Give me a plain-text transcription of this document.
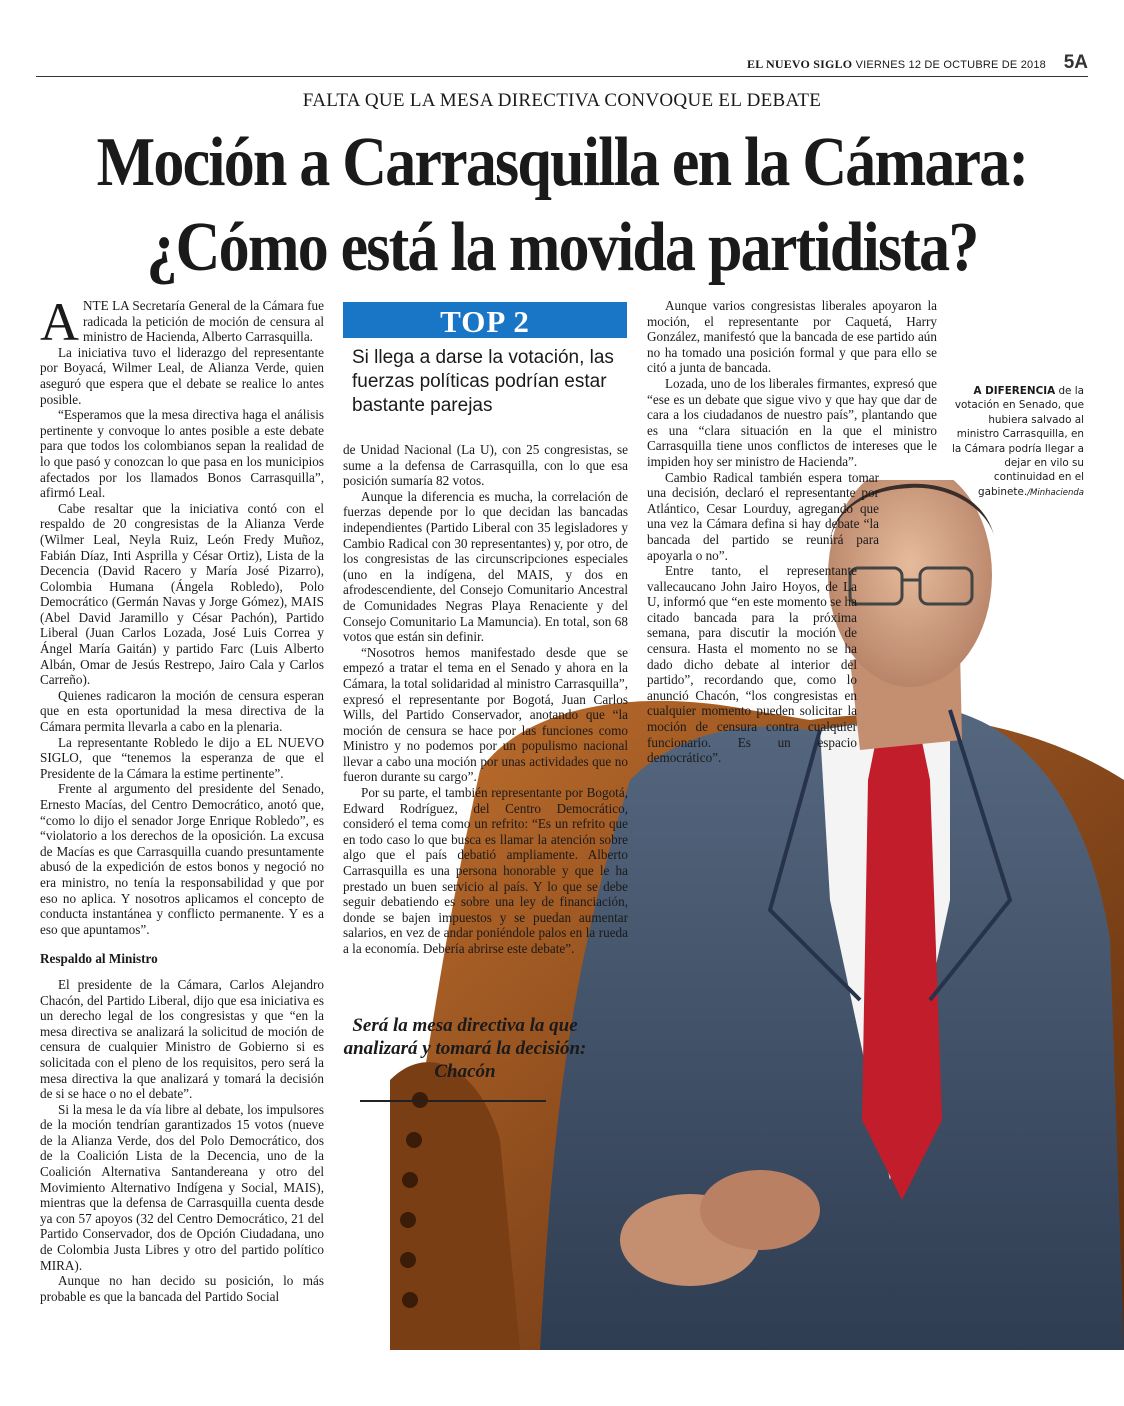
EL NUEVO SIGLO VIERNES 12 DE OCTUBRE DE 2018 5A
FALTA QUE LA MESA DIRECTIVA CONVOQUE EL DEBATE
Moción a Carrasquilla en la Cámara:
¿Cómo está la movida partidista?
TOP 2
Si llega a darse la votación, las fuerzas políticas podrían estar bastante parejas

ANTE LA Secretaría General de la Cámara fue radicada la petición de moción de censura al ministro de Hacienda, Alberto Carrasquilla.

La iniciativa tuvo el liderazgo del representante por Boyacá, Wilmer Leal, de Alianza Verde, quien aseguró que espera que el debate se realice lo antes posible.

“Esperamos que la mesa directiva haga el análisis pertinente y convoque lo antes posible a este debate para que todos los colombianos sepan la realidad de lo que pasó y conozcan lo que pasa en los municipios afectados por los llamados Bonos Carrasquilla”, afirmó Leal.

Cabe resaltar que la iniciativa contó con el respaldo de 20 congresistas de la Alianza Verde (Wilmer Leal, Neyla Ruiz, León Fredy Muñoz, Fabián Díaz, Inti Asprilla y César Ortiz), Lista de la Decencia (David Racero y María José Pizarro), Colombia Humana (Ángela Robledo), Polo Democrático (Germán Navas y Jorge Gómez), MAIS (Abel David Jaramillo y César Pachón), Partido Liberal (Juan Carlos Lozada, José Luis Correa y Ángel María Gaitán) y partido Farc (Luis Alberto Albán, Omar de Jesús Restrepo, Jairo Cala y Carlos Carreño).

Quienes radicaron la moción de censura esperan que en esta oportunidad la mesa directiva de la Cámara permita llevarla a cabo en la plenaria.

La representante Robledo le dijo a EL NUEVO SIGLO, que “tenemos la esperanza de que el Presidente de la Cámara la estime pertinente”.

Frente al argumento del presidente del Senado, Ernesto Macías, del Centro Democrático, anotó que, “como lo dijo el senador Jorge Enrique Robledo”, es “violatorio a los derechos de la oposición. La excusa de Macías es que Carrasquilla cuando presuntamente abusó de la expedición de estos bonos y negoció no era ministro, no tenía la responsabilidad y que por eso no aplica. Y nosotros aplicamos el concepto de conducta instantánea y conflicto permanente. Y es a eso que apuntamos”.

Respaldo al Ministro

El presidente de la Cámara, Carlos Alejandro Chacón, del Partido Liberal, dijo que esa iniciativa es un derecho legal de los congresistas y que “en la mesa directiva se analizará la solicitud de moción de censura de cualquier Ministro de Gobierno si es solicitada con el pleno de los requisitos, pero será la mesa directiva la que analizará y tomará la decisión de si se hace o no el debate”.

Si la mesa le da vía libre al debate, los impulsores de la moción tendrían garantizados 15 votos (nueve de la Alianza Verde, dos del Polo Democrático, dos de la Coalición Lista de la Decencia, uno de la Coalición Alternativa Santandereana y otro del Movimiento Alternativo Indígena y Social, MAIS), mientras que la defensa de Carrasquilla cuenta desde ya con 57 apoyos (32 del Centro Democrático, 21 del Partido Conservador, dos de Opción Ciudadana, uno de Colombia Justa Libres y otro del partido político MIRA).

Aunque no han decido su posición, lo más probable es que la bancada del Partido Social

de Unidad Nacional (La U), con 25 congresistas, se sume a la defensa de Carrasquilla, con lo que esa posición sumaría 82 votos.

Aunque la diferencia es mucha, la correlación de fuerzas depende por lo que decidan las bancadas independientes (Partido Liberal con 35 legisladores y Cambio Radical con 30 representantes) y, por otro, de los congresistas de las circunscripciones especiales (uno en la indígena, del MAIS, y dos en afrodescendiente, del Consejo Comunitario Ancestral de Comunidades Negras Playa Renaciente y del Consejo Comunitario La Mamuncia). En total, son 68 votos que están sin definir.

“Nosotros hemos manifestado desde que se empezó a tratar el tema en el Senado y ahora en la Cámara, la total solidaridad al ministro Carrasquilla”, expresó el representante por Bogotá, Juan Carlos Wills, del Partido Conservador, anotando que “la moción de censura se hace por las funciones como Ministro y no podemos por un populismo nacional llevar a cabo una moción por unas actividades que no fueron durante su cargo”.

Por su parte, el también representante por Bogotá, Edward Rodríguez, del Centro Democrático, consideró el tema como un refrito: “Es un refrito que en todo caso lo que busca es llamar la atención sobre algo que el país debatió ampliamente. Alberto Carrasquilla es una persona honorable y que le ha prestado un buen servicio al país. Y lo que se debe seguir debatiendo es sobre una ley de financiación, donde se bajen impuestos y se puedan aumentar salarios, en vez de andar poniéndole palos en la rueda a la economía. Debería abrirse este debate”.

Aunque varios congresistas liberales apoyaron la moción, el representante por Caquetá, Harry González, manifestó que la bancada de ese partido aún no ha tomado una posición formal y que para ello se citó a junta de bancada.

Lozada, uno de los liberales firmantes, expresó que “ese es un debate que sigue vivo y que hay que dar de cara a los ciudadanos de nuestro país”, plantando que es una “clara situación en la que el ministro Carrasquilla tiene unos conflictos de intereses que le impiden hoy ser ministro de Hacienda”.

Cambio Radical también espera tomar una decisión, declaró el representante por Atlántico, Cesar Lourduy, agregando que una vez la Cámara defina si hay debate “la bancada del partido se reunirá para apoyarla o no”.

Entre tanto, el representante vallecaucano John Jairo Hoyos, de La U, informó que “en este momento se ha citado bancada para la próxima semana, para discutir la moción de censura. Hasta el momento no se ha dado dicho debate al interior del partido”, recordando que, como lo anunció Chacón, “los congresistas en cualquier momento pueden solicitar la moción de censura contra cualquier funcionario. Es un espacio democrático”.

A DIFERENCIA de la votación en Senado, que hubiera salvado al ministro Carrasquilla, en la Cámara podría llegar a dejar en vilo su continuidad en el gabinete./Minhacienda
Será la mesa directiva la que analizará y tomará la decisión: Chacón
